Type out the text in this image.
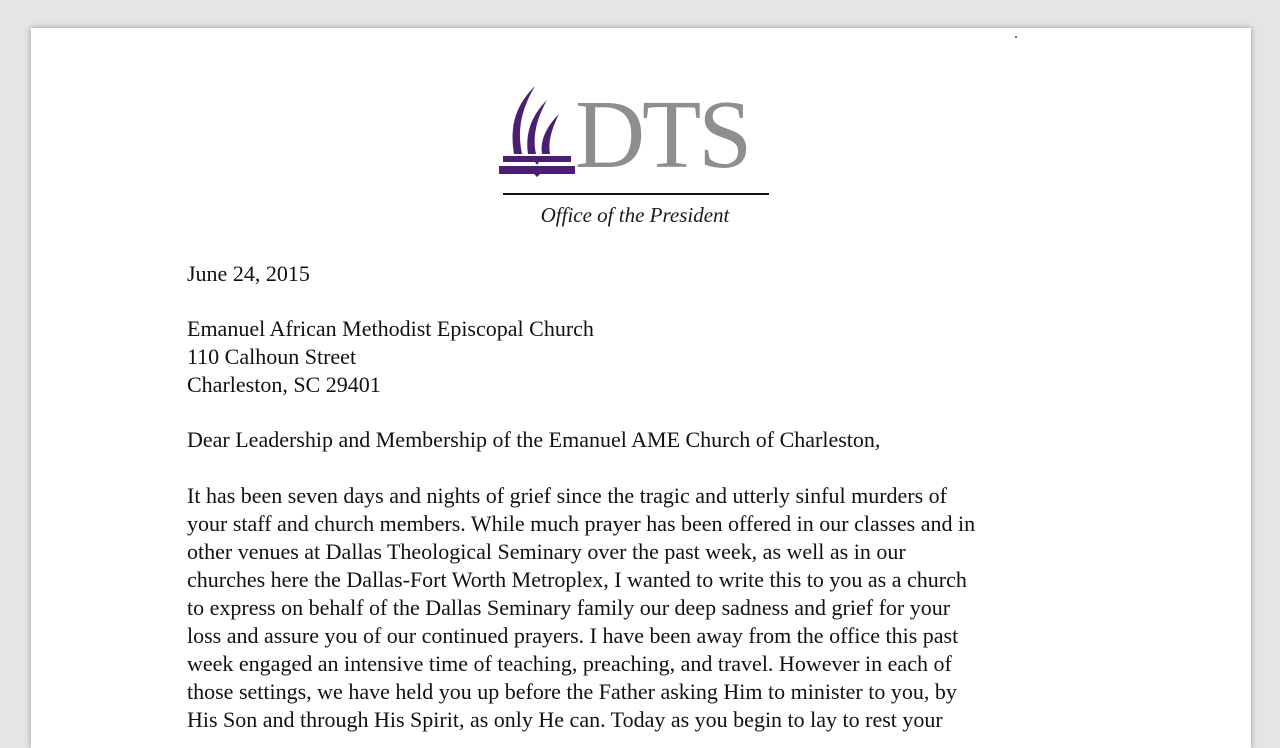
DTS
Office of the President
June 24, 2015
Emanuel African Methodist Episcopal Church
110 Calhoun Street
Charleston, SC 29401
Dear Leadership and Membership of the Emanuel AME Church of Charleston,
It has been seven days and nights of grief since the tragic and utterly sinful murders of
your staff and church members. While much prayer has been offered in our classes and in
other venues at Dallas Theological Seminary over the past week, as well as in our
churches here the Dallas-Fort Worth Metroplex, I wanted to write this to you as a church
to express on behalf of the Dallas Seminary family our deep sadness and grief for your
loss and assure you of our continued prayers. I have been away from the office this past
week engaged an intensive time of teaching, preaching, and travel. However in each of
those settings, we have held you up before the Father asking Him to minister to you, by
His Son and through His Spirit, as only He can. Today as you begin to lay to rest your
